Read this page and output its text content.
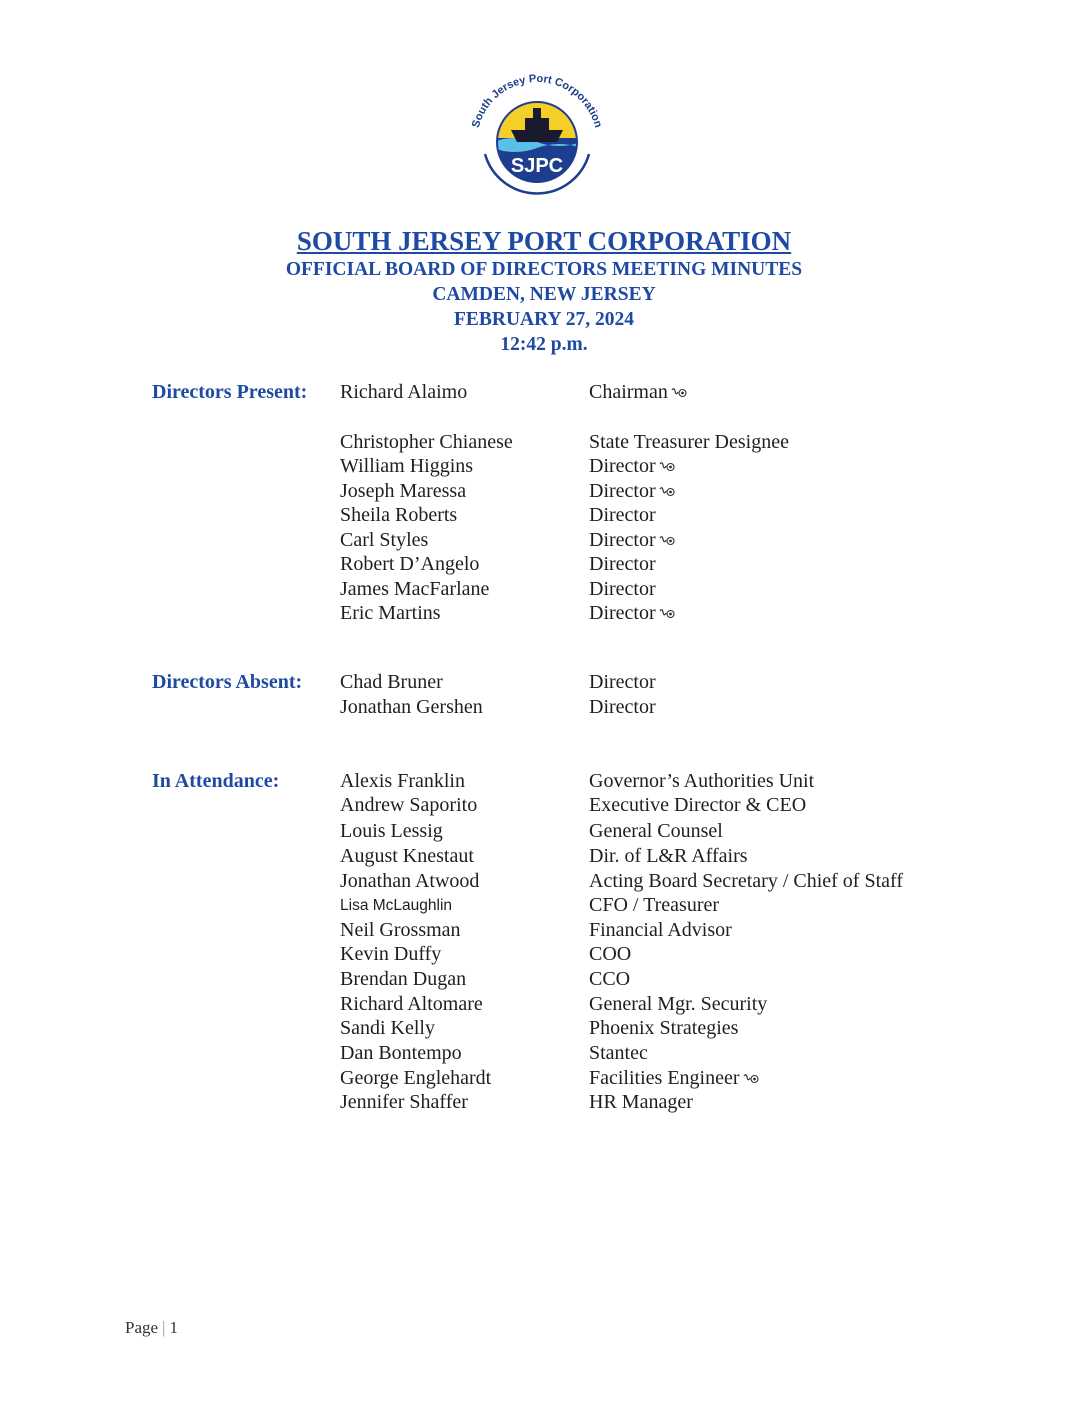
South Jersey Port Corporation
SJPC
SOUTH JERSEY PORT CORPORATION
OFFICIAL BOARD OF DIRECTORS MEETING MINUTES
CAMDEN, NEW JERSEY
FEBRUARY 27, 2024
12:42 p.m.
Directors Present: Richard Alaimo	Chairman
Christopher Chianese	State Treasurer Designee
William Higgins	Director
Joseph Maressa	Director
Sheila Roberts	Director
Carl Styles	Director
Robert D’Angelo	Director
James MacFarlane	Director
Eric Martins	Director
Directors Absent: Chad Bruner	Director
Jonathan Gershen	Director
In Attendance:	Alexis Franklin	Governor’s Authorities Unit
Andrew Saporito	Executive Director & CEO
Louis Lessig	General Counsel
August Knestaut	Dir. of L&R Affairs
Jonathan Atwood	Acting Board Secretary / Chief of Staff
Lisa McLaughlin	CFO / Treasurer
Neil Grossman	Financial Advisor
Kevin Duffy	COO
Brendan Dugan	CCO
Richard Altomare	General Mgr. Security
Sandi Kelly	Phoenix Strategies
Dan Bontempo	Stantec
George Englehardt	Facilities Engineer
Jennifer Shaffer	HR Manager
Page | 1
